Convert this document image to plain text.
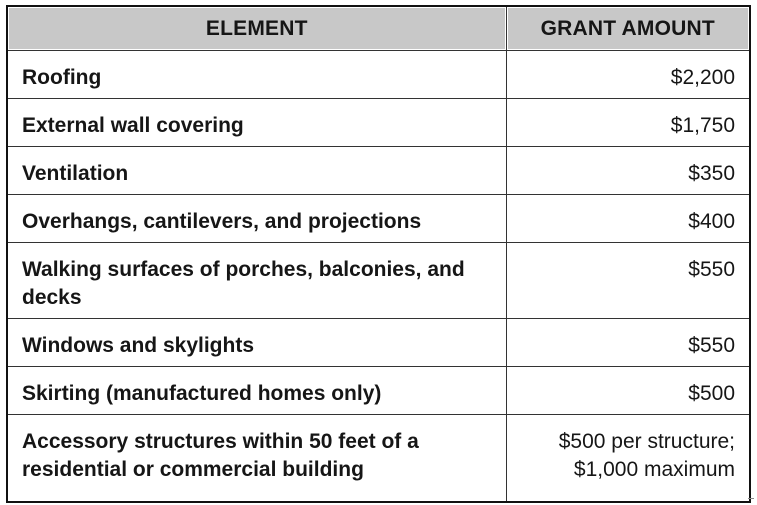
ELEMENT	GRANT AMOUNT
Roofing	$2,200
External wall covering	$1,750
Ventilation	$350
Overhangs, cantilevers, and projections	$400
Walking surfaces of porches, balconies, and decks	$550
Windows and skylights	$550
Skirting (manufactured homes only)	$500
Accessory structures within 50 feet of a residential or commercial building	$500 per structure; $1,000 maximum
